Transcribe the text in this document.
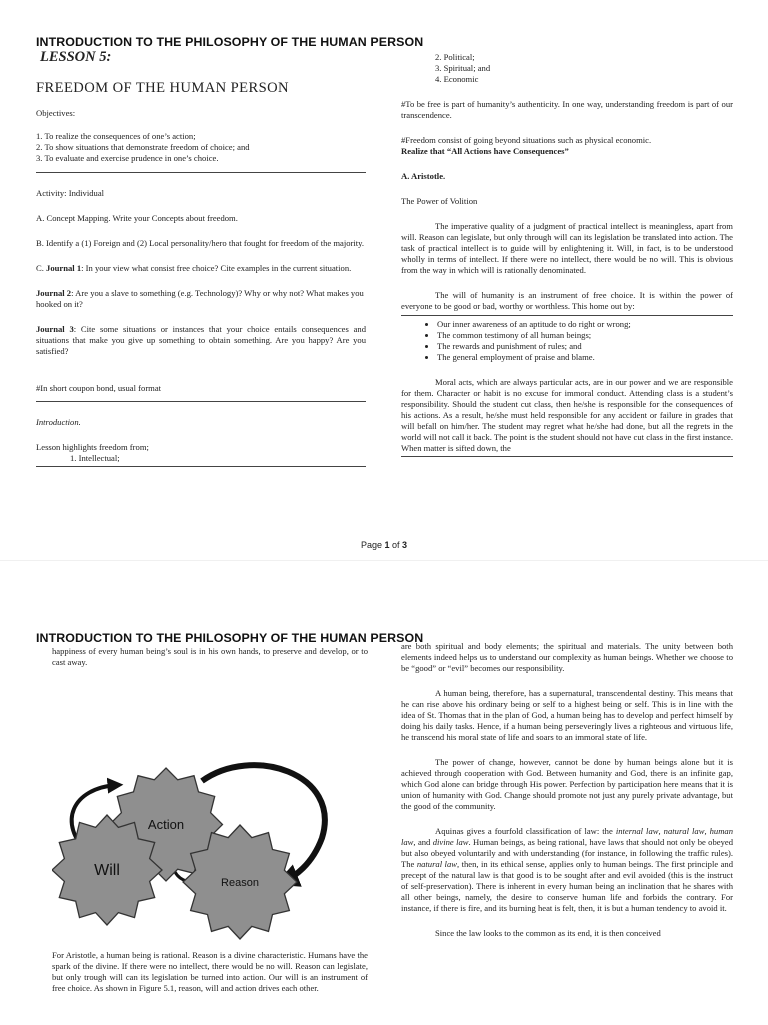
INTRODUCTION TO THE PHILOSOPHY OF THE HUMAN PERSON
LESSON 5:
FREEDOM OF THE HUMAN PERSON

Objectives:

1. To realize the consequences of one’s action;

2. To show situations that demonstrate freedom of choice; and

3. To evaluate and exercise prudence in one’s choice.

Activity: Individual

A. Concept Mapping. Write your Concepts about freedom.

B. Identify a (1) Foreign and (2) Local personality/hero that fought for freedom of the majority.

C. Journal 1: In your view what consist free choice? Cite examples in the current situation.

Journal 2: Are you a slave to something (e.g. Technology)? Why or why not? What makes you hooked on it?

Journal 3: Cite some situations or instances that your choice entails consequences and situations that make you give up something to obtain something. Are you happy? Are you satisfied?

#In short coupon bond, usual format

Introduction.

Lesson highlights freedom from;

1. Intellectual;

2. Political;

3. Spiritual; and

4. Economic

#To be free is part of humanity’s authenticity. In one way, understanding freedom is part of our transcendence.

#Freedom consist of going beyond situations such as physical economic.

Realize that “All Actions have Consequences”

A. Aristotle.

The Power of Volition

The imperative quality of a judgment of practical intellect is meaningless, apart from will. Reason can legislate, but only through will can its legislation be translated into action. The task of practical intellect is to guide will by enlightening it. Will, in fact, is to be understood wholly in terms of intellect. If there were no intellect, there would be no will. This is obvious from the way in which will is rationally denominated.

The will of humanity is an instrument of free choice. It is within the power of everyone to be good or bad, worthy or worthless. This home out by:

• Our inner awareness of an aptitude to do right or wrong;
• The common testimony of all human beings;
• The rewards and punishment of rules; and
• The general employment of praise and blame.

Moral acts, which are always particular acts, are in our power and we are responsible for them. Character or habit is no excuse for immoral conduct. Attending class is a student’s responsibility. Should the student cut class, then he/she is responsible for the consequences of his actions. As a result, he/she must held responsible for any accident or failure in grades that will befall on him/her. The student may regret what he/she had done, but all the regrets in the world will not call it back. The point is the student should not have cut class in the first instance. When matter is sifted down, the

Page 1 of 3
INTRODUCTION TO THE PHILOSOPHY OF THE HUMAN PERSON

happiness of every human being’s soul is in his own hands, to preserve and develop, or to cast away.

Action
Will
Reason

For Aristotle, a human being is rational. Reason is a divine characteristic. Humans have the spark of the divine. If there were no intellect, there would be no will. Reason can legislate, but only trough will can its legislation be turned into action. Our will is an instrument of free choice. As shown in Figure 5.1, reason, will and action drives each other.

are both spiritual and body elements; the spiritual and materials. The unity between both elements indeed helps us to understand our complexity as human beings. Whether we choose to be “good” or “evil” becomes our responsibility.

A human being, therefore, has a supernatural, transcendental destiny. This means that he can rise above his ordinary being or self to a highest being or self. This is in line with the idea of St. Thomas that in the plan of God, a human being has to develop and perfect himself by doing his daily tasks. Hence, if a human being perseveringly lives a righteous and virtuous life, he transcend his moral state of life and soars to an immoral state of life.

The power of change, however, cannot be done by human beings alone but it is achieved through cooperation with God. Between humanity and God, there is an infinite gap, which God alone can bridge through His power. Perfection by participation here means that it is union of humanity with God. Change should promote not just any purely private advantage, but the good of the community.

Aquinas gives a fourfold classification of law: the internal law, natural law, human law, and divine law. Human beings, as being rational, have laws that should not only be obeyed but also obeyed voluntarily and with understanding (for instance, in following the traffic rules). The natural law, then, in its ethical sense, applies only to human beings. The first principle and precept of the natural law is that good is to be sought after and evil avoided (this is the instruct of self-preservation). There is inherent in every human being an inclination that he shares with all other beings, namely, the desire to conserve human life and forbids the contrary. For instance, if there is fire, and its burning heat is felt, then, it is but a human tendency to avoid it.

Since the law looks to the common as its end, it is then conceived
